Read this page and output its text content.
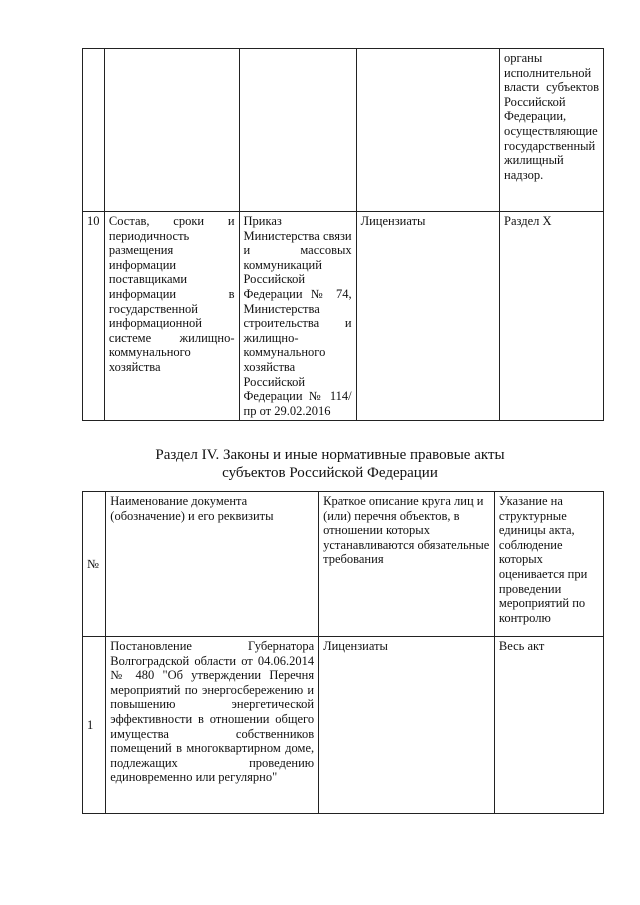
				органы исполнительной власти субъектов Российской Федерации, осуществляющие государственный жилищный надзор.
10	Состав, сроки и периодичность размещения информации поставщиками информации в государственной информационной системе жилищно-коммунального хозяйства	Приказ Министерства связи и массовых коммуникаций Российской Федерации № 74, Министерства строительства и жилищно-коммунального хозяйства Российской Федерации № 114/пр от 29.02.2016	Лицензиаты	Раздел X
Раздел IV. Законы и иные нормативные правовые акты
субъектов Российской Федерации
№	Наименование документа (обозначение) и его реквизиты	Краткое описание круга лиц и (или) перечня объектов, в отношении которых устанавливаются обязательные требования	Указание на структурные единицы акта, соблюдение которых оценивается при проведении мероприятий по контролю
1	Постановление Губернатора Волгоградской области от 04.06.2014 № 480 "Об утверждении Перечня мероприятий по энергосбережению и повышению энергетической эффективности в отношении общего имущества собственников помещений в многоквартирном доме, подлежащих проведению единовременно или регулярно"	Лицензиаты	Весь акт
